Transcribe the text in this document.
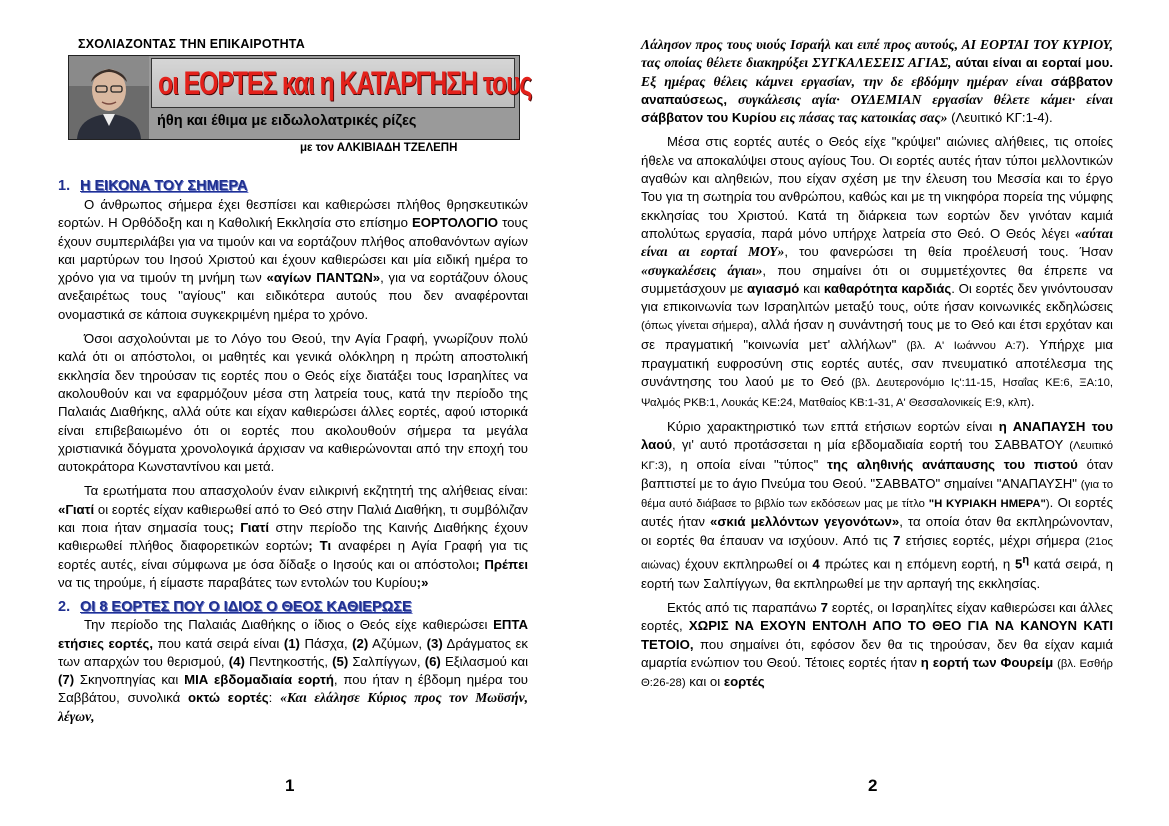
ΣΧΟΛΙΑΖΟΝΤΑΣ ΤΗΝ ΕΠΙΚΑΙΡΟΤΗΤΑ
οι ΕΟΡΤΕΣ και η ΚΑΤΑΡΓΗΣΗ τους
ήθη και έθιμα με ειδωλολατρικές ρίζες
με τον ΑΛΚΙΒΙΑΔΗ ΤΖΕΛΕΠΗ
1. Η ΕΙΚΟΝΑ ΤΟΥ ΣΗΜΕΡΑ

Ο άνθρωπος σήμερα έχει θεσπίσει και καθιερώσει πλήθος θρησκευτικών εορτών. Η Ορθόδοξη και η Καθολική Εκκλησία στο επίσημο ΕΟΡΤΟΛΟΓΙΟ τους έχουν συμπεριλάβει για να τιμούν και να εορτάζουν πλήθος αποθανόντων αγίων και μαρτύρων του Ιησού Χριστού και έχουν καθιερώσει και μία ειδική ημέρα το χρόνο για να τιμούν τη μνήμη των «αγίων ΠΑΝΤΩΝ», για να εορτάζουν όλους ανεξαιρέτως τους "αγίους" και ειδικότερα αυτούς που δεν αναφέρονται ονομαστικά σε κάποια συγκεκριμένη ημέρα το χρόνο.

Όσοι ασχολούνται με το Λόγο του Θεού, την Αγία Γραφή, γνωρίζουν πολύ καλά ότι οι απόστολοι, οι μαθητές και γενικά ολόκληρη η πρώτη αποστολική εκκλησία δεν τηρούσαν τις εορτές που ο Θεός είχε διατάξει τους Ισραηλίτες να ακολουθούν και να εφαρμόζουν μέσα στη λατρεία τους, κατά την περίοδο της Παλαιάς Διαθήκης, αλλά ούτε και είχαν καθιερώσει άλλες εορτές, αφού ιστορικά είναι επιβεβαιωμένο ότι οι εορτές που ακολουθούν σήμερα τα μεγάλα χριστιανικά δόγματα χρονολογικά άρχισαν να καθιερώνονται από την εποχή του αυτοκράτορα Κωνσταντίνου και μετά.

Τα ερωτήματα που απασχολούν έναν ειλικρινή εκζητητή της αλήθειας είναι: «Γιατί οι εορτές είχαν καθιερωθεί από το Θεό στην Παλιά Διαθήκη, τι συμβόλιζαν και ποια ήταν σημασία τους; Γιατί στην περίοδο της Καινής Διαθήκης έχουν καθιερωθεί πλήθος διαφορετικών εορτών; Τι αναφέρει η Αγία Γραφή για τις εορτές αυτές, είναι σύμφωνα με όσα δίδαξε ο Ιησούς και οι απόστολοι; Πρέπει να τις τηρούμε, ή είμαστε παραβάτες των εντολών του Κυρίου;»

2. ΟΙ 8 ΕΟΡΤΕΣ ΠΟΥ Ο ΙΔΙΟΣ Ο ΘΕΟΣ ΚΑΘΙΕΡΩΣΕ

Την περίοδο της Παλαιάς Διαθήκης ο ίδιος ο Θεός είχε καθιερώσει ΕΠΤΑ ετήσιες εορτές, που κατά σειρά είναι (1) Πάσχα, (2) Αζύμων, (3) Δράγματος εκ των απαρχών του θερισμού, (4) Πεντηκοστής, (5) Σαλπίγγων, (6) Εξιλασμού και (7) Σκηνοπηγίας και ΜΙΑ εβδομαδιαία εορτή, που ήταν η έβδομη ημέρα του Σαββάτου, συνολικά οκτώ εορτές: «Και ελάλησε Κύριος προς τον Μωϋσήν, λέγων,

1

Λάλησον προς τους υιούς Ισραήλ και ειπέ προς αυτούς, ΑΙ ΕΟΡΤΑΙ ΤΟΥ ΚΥΡΙΟΥ, τας οποίας θέλετε διακηρύξει ΣΥΓΚΑΛΕΣΕΙΣ ΑΓΙΑΣ, αύται είναι αι εορταί μου. Εξ ημέρας θέλεις κάμνει εργασίαν, την δε εβδόμην ημέραν είναι σάββατον αναπαύσεως, συγκάλεσις αγία· ΟΥΔΕΜΙΑΝ εργασίαν θέλετε κάμει· είναι σάββατον του Κυρίου εις πάσας τας κατοικίας σας» (Λευιτικό ΚΓ:1-4).

Μέσα στις εορτές αυτές ο Θεός είχε "κρύψει" αιώνιες αλήθειες, τις οποίες ήθελε να αποκαλύψει στους αγίους Του. Οι εορτές αυτές ήταν τύποι μελλοντικών αγαθών και αληθειών, που είχαν σχέση με την έλευση του Μεσσία και το έργο Του για τη σωτηρία του ανθρώπου, καθώς και με τη νικηφόρα πορεία της νύμφης εκκλησίας του Χριστού. Κατά τη διάρκεια των εορτών δεν γινόταν καμιά απολύτως εργασία, παρά μόνο υπήρχε λατρεία στο Θεό. Ο Θεός λέγει «αύται είναι αι εορταί ΜΟΥ», του φανερώσει τη θεία προέλευσή τους. Ήσαν «συγκαλέσεις άγιαι», που σημαίνει ότι οι συμμετέχοντες θα έπρεπε να συμμετάσχουν με αγιασμό και καθαρότητα καρδιάς. Οι εορτές δεν γινόντουσαν για επικοινωνία των Ισραηλιτών μεταξύ τους, ούτε ήσαν κοινωνικές εκδηλώσεις (όπως γίνεται σήμερα), αλλά ήσαν η συνάντησή τους με το Θεό και έτσι ερχόταν και σε πραγματική "κοινωνία μετ' αλλήλων" (βλ. Α' Ιωάννου Α:7). Υπήρχε μια πραγματική ευφροσύνη στις εορτές αυτές, σαν πνευματικό αποτέλεσμα της συνάντησης του λαού με το Θεό (βλ. Δευτερονόμιο Ις':11-15, Ησαΐας ΚΕ:6, ΞΑ:10, Ψαλμός ΡΚΒ:1, Λουκάς ΚΕ:24, Ματθαίος ΚΒ:1-31, Α' Θεσσαλονικείς Ε:9, κλπ).

Κύριο χαρακτηριστικό των επτά ετήσιων εορτών είναι η ΑΝΑΠΑΥΣΗ του λαού, γι' αυτό προτάσσεται η μία εβδομαδιαία εορτή του ΣΑΒΒΑΤΟΥ (Λευιτικό ΚΓ:3), η οποία είναι "τύπος" της αληθινής ανάπαυσης του πιστού όταν βαπτιστεί με το άγιο Πνεύμα του Θεού. "ΣΑΒΒΑΤΟ" σημαίνει "ΑΝΑΠΑΥΣΗ" (για το θέμα αυτό διάβασε το βιβλίο των εκδόσεων μας με τίτλο "Η ΚΥΡΙΑΚΗ ΗΜΕΡΑ"). Οι εορτές αυτές ήταν «σκιά μελλόντων γεγονότων», τα οποία όταν θα εκπληρώνονταν, οι εορτές θα έπαυαν να ισχύουν. Από τις 7 ετήσιες εορτές, μέχρι σήμερα (21ος αιώνας) έχουν εκπληρωθεί οι 4 πρώτες και η επόμενη εορτή, η $5^\eta$ κατά σειρά, η εορτή των Σαλπίγγων, θα εκπληρωθεί με την αρπαγή της εκκλησίας.

Εκτός από τις παραπάνω 7 εορτές, οι Ισραηλίτες είχαν καθιερώσει και άλλες εορτές, ΧΩΡΙΣ ΝΑ ΕΧΟΥΝ ΕΝΤΟΛΗ ΑΠΟ ΤΟ ΘΕΟ ΓΙΑ ΝΑ ΚΑΝΟΥΝ ΚΑΤΙ ΤΕΤΟΙΟ, που σημαίνει ότι, εφόσον δεν θα τις τηρούσαν, δεν θα είχαν καμιά αμαρτία ενώπιον του Θεού. Τέτοιες εορτές ήταν η εορτή των Φουρείμ (βλ. Εσθήρ Θ:26-28) και οι εορτές

2
